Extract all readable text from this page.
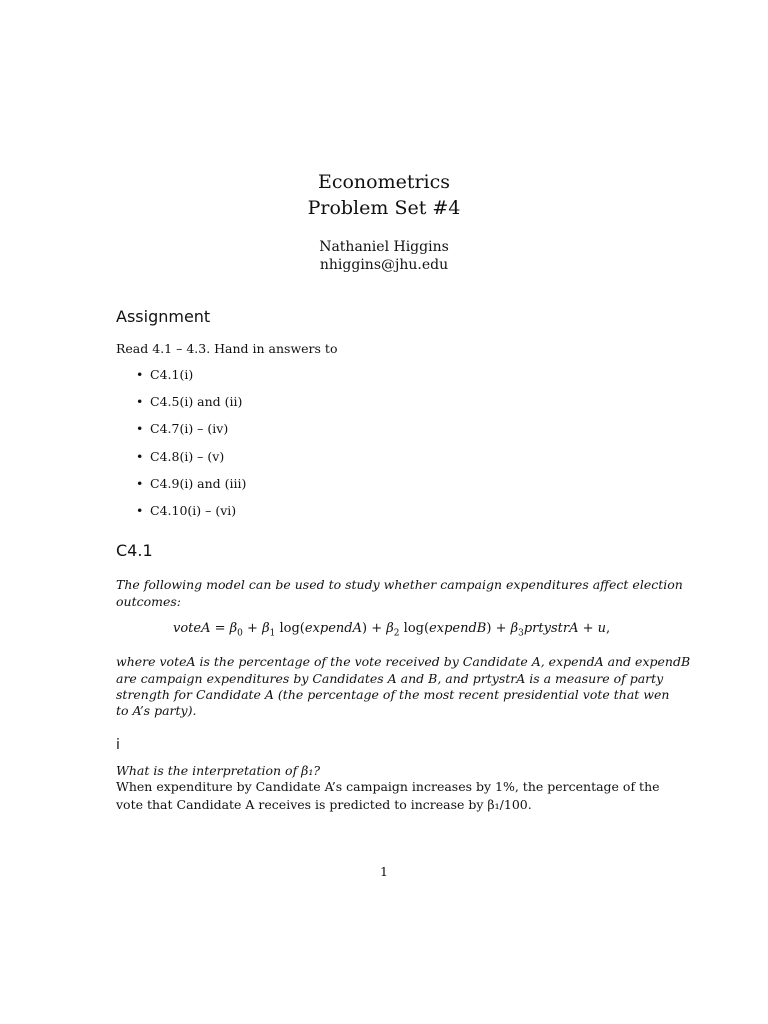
Econometrics
Problem Set #4
Nathaniel Higgins
nhiggins@jhu.edu
Assignment
Read 4.1 – 4.3. Hand in answers to
• C4.1(i)
• C4.5(i) and (ii)
• C4.7(i) – (iv)
• C4.8(i) – (v)
• C4.9(i) and (iii)
• C4.10(i) – (vi)
C4.1
The following model can be used to study whether campaign expenditures affect election
outcomes:
voteA = $\beta_0 + \beta_1$ log(expendA) + $\beta_2$ log(expendB) + $\beta_3prtystrA + u$,
where voteA is the percentage of the vote received by Candidate A, expendA and expendB
are campaign expenditures by Candidates A and B, and prtystrA is a measure of party
strength for Candidate A (the percentage of the most recent presidential vote that wen
to A’s party).
i
What is the interpretation of β₁?
When expenditure by Candidate A’s campaign increases by 1%, the percentage of the
vote that Candidate A receives is predicted to increase by β₁/100.
1
